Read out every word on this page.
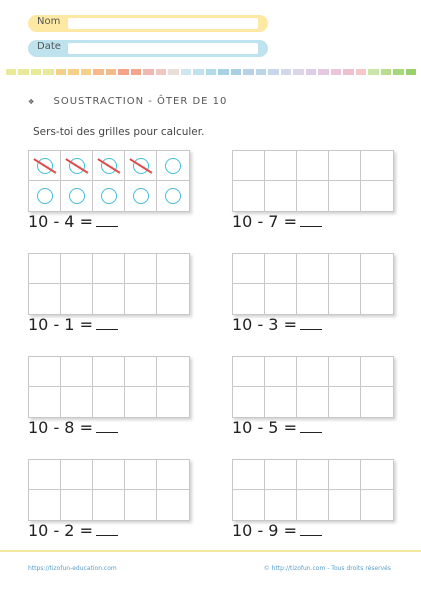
Nom
Date
❖ SOUSTRACTION - ÔTER DE 10
Sers-toi des grilles pour calculer.
10 - 4 =	10 - 7 =
10 - 1 =	10 - 3 =
10 - 8 =	10 - 5 =
10 - 2 =	10 - 9 =
https://tizofun-education.com	© http://tizofun.com - Tous droits réservés
